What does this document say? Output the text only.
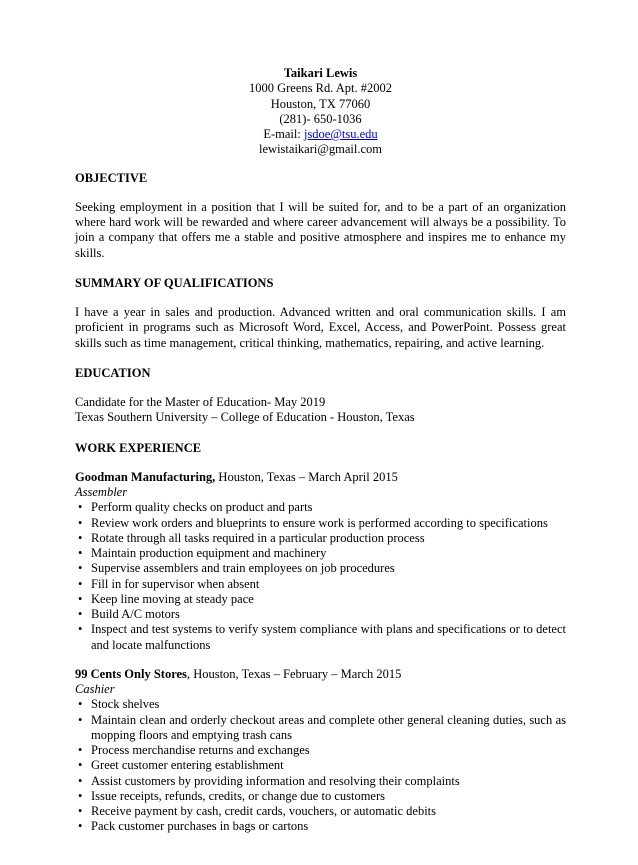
Taikari Lewis
1000 Greens Rd. Apt. #2002
Houston, TX 77060
(281)- 650-1036
E-mail: jsdoe@tsu.edu
lewistaikari@gmail.com
OBJECTIVE

Seeking employment in a position that I will be suited for, and to be a part of an organization where hard work will be rewarded and where career advancement will always be a possibility. To join a company that offers me a stable and positive atmosphere and inspires me to enhance my skills.

SUMMARY OF QUALIFICATIONS

I have a year in sales and production. Advanced written and oral communication skills. I am proficient in programs such as Microsoft Word, Excel, Access, and PowerPoint. Possess great skills such as time management, critical thinking, mathematics, repairing, and active learning.

EDUCATION

Candidate for the Master of Education- May 2019

Texas Southern University – College of Education - Houston, Texas

WORK EXPERIENCE

Goodman Manufacturing, Houston, Texas – March April 2015

Assembler

• Perform quality checks on product and parts
• Review work orders and blueprints to ensure work is performed according to specifications
• Rotate through all tasks required in a particular production process
• Maintain production equipment and machinery
• Supervise assemblers and train employees on job procedures
• Fill in for supervisor when absent
• Keep line moving at steady pace
• Build A/C motors
• Inspect and test systems to verify system compliance with plans and specifications or to detect and locate malfunctions

99 Cents Only Stores, Houston, Texas – February – March 2015

Cashier

• Stock shelves
• Maintain clean and orderly checkout areas and complete other general cleaning duties, such as mopping floors and emptying trash cans
• Process merchandise returns and exchanges
• Greet customer entering establishment
• Assist customers by providing information and resolving their complaints
• Issue receipts, refunds, credits, or change due to customers
• Receive payment by cash, credit cards, vouchers, or automatic debits
• Pack customer purchases in bags or cartons
